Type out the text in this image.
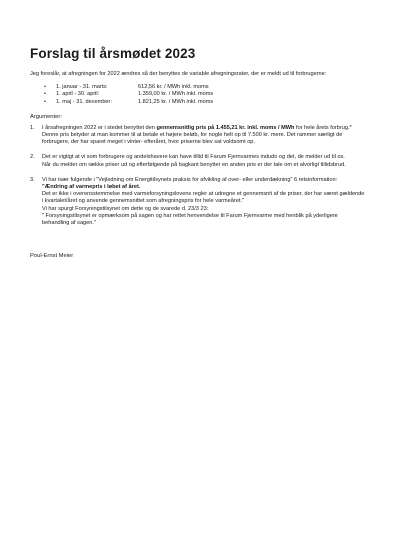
Forslag til årsmødet 2023

Jeg foreslår, at afregningen for 2022 ændres så der benyttes de variable afregningsrater, der er meldt ud til forbrugerne:

•	1. januar - 31. marts:	612,56 kr. / MWh inkl. moms
•	1. april - 30. april:	1.359,00 kr. / MWh inkl. moms
•	1. maj - 31. december:	1.821,25 kr. / MWh inkl. moms

Argumenter:

1.	I årsafregningen 2022 er i stedet benyttet den gennemsnitlig pris på 1.455,21 kr. inkl. moms / MWh for hele årets forbrug.* Denne pris betyder at man kommer til at betale et højere beløb, for nogle helt op til 7.500 kr. mere. Det rammer særligt de forbrugere, der har sparet meget i vinter- efteråret, hvor priserne blev sat voldsomt op.

2.	Det er vigtigt at vi som forbrugere og andelshavere kan have tillid til Farum Fjernvarmes indudo og det, de melder ud til os.

Når du melder om række priser ud og efterfølgende på bagkant benytter en anden pris er der tale om et alvorligt tillidsbrud.

3.	Vi har især fulgende i "Vejledning om Energitilsynets praksis for afvikling af over- eller underdækning" 6 retsinformation:

"Ændring af varmepris i løbet af året.

Det er ikke i overensstemmelse med varmeforsyningslovens regler at udregne et gennemsnit af de priser, der har været gældende i kvartalet/året og anvende gennemsnittet som afregningspris for hele varmeåret."

Vi har spurgt Forsyningstilsynet om dette og de svarede d. 23/3 23:

" Forsyningstilsynet er opmærksom på sagen og har rettet henvendelse til Farum Fjernvarme med henblik på yderligere behandling af sagen."

Poul-Ernst Meier
